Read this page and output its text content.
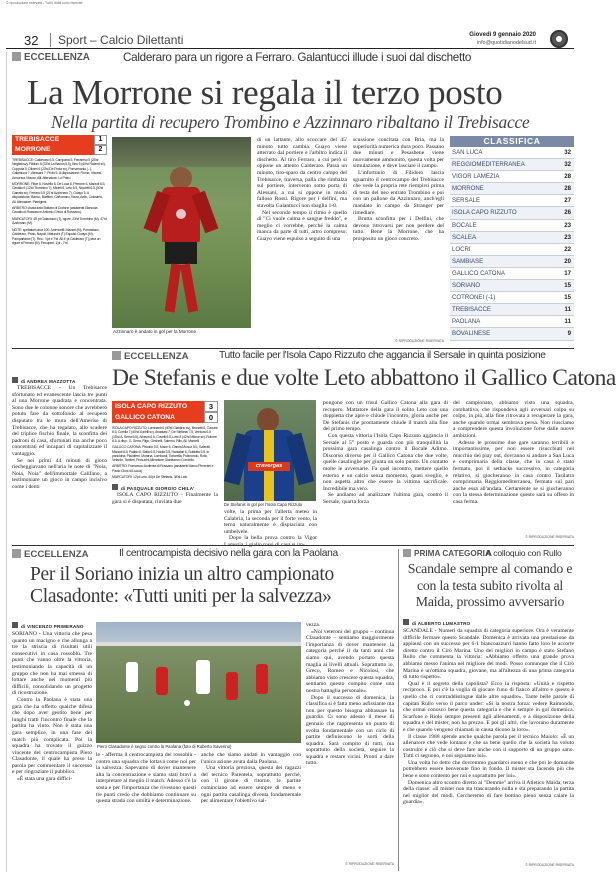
© riproduzione riservata - Tutti i diritti sono riservati
32 Sport – Calcio Dilettanti	Giovedì 9 gennaio 2020
info@quotidianodelsud.it
ECCELLENZA	Calderaro para un rigore a Ferraro. Galantucci illude i suoi dal dischetto
La Morrone si regala il terzo posto
Nella partita di recupero Trombino e Azzinnaro ribaltano il Trebisacce
TREBISACCE	1
MORRONE	2

TREBISACCE: Calderaro 6.5, Campana 5, Ferrareso 5 (26'st Negliati sv), Filidoro 6 (33'st La Banca 5.5), Brio 6 (40'st Roland sv), Coppola 5, Olivieri 6 (23'st De Poda sv), Pomamanio (...), Galantucci 7, Alessani 7, Proto 5. A disposizione: Rome, Viscesi, Annunsa, Mauro, Alli. Allenatore: Lo Potro.

MORRONE: Filice 6, Novello 6, De Luca 6, Perrone 6, Marzoli 6.5, Cavallo 6 (12'st Trombino 7), Micieli 6, Leto 6.5, Nicoletti 6.5 (30'st Garrafa sv), Ferraro 5.5 (21'st Azzinnaro 7), Guayo 5. A disposizione: Banco, Barbieri, Carbonaro, Vizza, Aello, Colosimo, Ali. Allenatore: Pianiginni.

ARBITRO: Assicurato Bottaro di Crotone (assistenti Giancola Cavallo di Rossano e Antonio Greco di Rossano).

MARCATORI: 45' pt Galantucci (T), rigore, 23'st Trombino (M), 47'st Azzinnaro (M).

NOTE: spettatori circa 100. Ammoniti: Mazzei (M), Pomastaro, Calderaro, Proto, Napoli, Malucchi (T) Espulsi: Guayo (M), Pamparlame (T). Rec.: 1'pt e 7'st. All 4' pt Calderaro (T) para un rigore a Ferraro (M). Recuperi: 1'pt - 7'st

di ANDREA MAZZOTTA

TREBISACCE - Un Trebisacce sfortunato ed evanescente lascia tre punti al una Morrone quadrata e concentrata. Sono due le colonne sonore che avrebbero potuto fare da sottofondo al recupero disputato tra le mura dell'Amerise di Trebisacce, che ha regalato, allo scadere del triplice fischio finale, la sconfitta dei padroni di casa, sfortunati ma anche poco concentrati ed incapaci di capitalizzare il vantaggio.

Se nei primi 44 minuti di gioco riecheggiavano nell'aria le note di "Noia, Noia, Noia" dell'immortale Califano, a testimoniare un gioco in campo incisivo come i denti

Azzinnaro è andato in gol per la Morrone

di un lattante, allo scoccare del 45' minuto tutto cambia. Guayo viene atterrato dal portiere e l'arbitro indica il dischetto. Al tiro Ferraro, a cui però si oppone un attento Calderaro. Passa un minuto, tiro-sparo da centro campo del Trebisacce, traversa, palla che rimbalza sul portiere, intervento sotto porta di Alessani, a cui si oppone in modo falloso Rossi. Rigore per i delfini, ma stavolta Galantucci non sbaglia 1-0.

Nel secondo tempo il ritmo è quello di "Ci vuole calma e sangue freddo", e meglio ci vorrebbe, perché la calma manca da parte di tutti, artro compreso: Guayo viene espulso a seguito di una

scussione concitata con Bria, ma la superiorità numerica dura poco. Passano due minuti e Pesasbene viene nuovamente ammonito, questa volta per simulazione, e deve lasciare il campo.

L'infortunio di Filidoro lascia sguarnito il centrocampo del Trebisacce che vede la propria rete riempirsi prima di testa del neo entrato Trombino e poi con un pallone da Azzinnaro, anch'egli mandato in campo da Stranger per rimediare.

Brutta sconfitta per i Delfini, che devono ritrovarsi per non perdere del tutto. Bene la Morrone, che ha prosposito un gioco concreto.

© RIPRODUZIONE RISERVATA
CLASSIFICA
SAN LUCA	32
REGGIOMEDITERRANEA	32
VIGOR LAMEZIA	28
MORRONE	28
SERSALE	27
ISOLA CAPO RIZZUTO	26
BOCALE	23
SCALEA	23
LOCRI	22
SAMBIASE	20
GALLICO CATONA	17
SORIANO	15
COTRONEI (-1)	15
TREBISACCE	11
PAOLANA	11
BOVALINESE	9
ECCELLENZA	Tutto facile per l'Isola Capo Rizzuto che aggancia il Sersale in quinta posizione
De Stefanis e due volte Leto abbattono il Gallico Catona
ISOLA CAPO RIZZUTO	3
GALLICO CATONA	0

ISOLA CAPO RIZZUTO: Lambardi 6 (40'st Giardino sv), Brunetti 6, Cavone 6.5, Corrillo 7 (40'st Zonelli sv), Anastasi 7, De Stefanis 7.5, Ventura 6.5 (15'st A. Serra 6.5), Arbeza 6.5, Coveili 6.5, Leto 8 (42'st Milone sv), Robore 6.5. A disp.: G. Serra, Rigo, Gesbelli, Salerno, Fillo, Ali. Marcelli

GALLICO CATONA: Piroddo 5.5, Mace 6, Garcia Munoz 5.5, Galeotti, Marzoli 6.5, Potiiso 6, Balla 6.5, Hodia 5.5, Haniafari 6, Sottlotta 5.5. In panchina: Pizzaferri, Morana, Lombardi, Tortorella, Polimondo, Rota, Velardo, Tamieri, Prosucini Allenatore Gianfranco Condello.

ARBITRO: Francesco Aurilenta di Rossano (assistenti Marco Pimentel e Paolo Cinni di Lucca).

MARCATORI: 12'pt Leto, 40'pt De Stefanis, 38'st Leto

di PASQUALE GIORGIO CHILA'

ISOLA CAPO RIZZUTO - Finalmente la gara si è disputata, rinviata due

cravergas
De Stefanis in gol per l'Isola Capo Rizzuto

volte, la prima per l'allerta meteo in Calabria, la seconda per il forte vento, la terna naturalmente è dispiaciuta con umbelvele.

Dopo la bella prova contro la Vigor

pongono con un trisul Gallico Catona alla gara di recupero. Mattatore della gara il solito Leto con una doppietta che apre e chiude l'incontro, gloria anche per De Stefanis che prontamente chiude il match alla fine del primo tempo.

Con questa vittoria l'Isola Capo Rizzuto aggancia il Sersale al 5° posto e guarda con più tranquillità la prossima gara casalinga contro il Bocale Adimo. Discorso diverso per il Gallico Catona che due volte, quelle casalinghe per giunta un solo punto. Un contatto molte le avversarie. Fa quel incontro, mettere quello esterno e un calcio senza momento, quasi sveglio, e non aspetta altro che essere la vittima sacrificale. Incredibile ma vero.

Se andiamo ad analizzare l'ultima gara, contro il Sersale, quarta forza

del campionato, abbiamo visto una squadra, combattiva, che rispondeva agli avversari colpo su colpo, in più, alla fine ritrovata a recuperare la gara, anche quando ormai sembrava persa. Non riusciamo a comprendere questa involuzione forse dalle nuove ambizioni.

Adesso le prossime due gare saranno terribili e importantissime, per non essere risucchiati nel mucchio dei play out, dovranno si andare a San Luca e comprimaria della classe, che in casa è stato fermato, poi il setbacks successivo, in categoria relativo, si giocheranno in casa contro Tasilatra comprimaria Reggiomediterranea, fermata sul pari anche essa all'andata. Certamente se si giocheranno con la stessa determinazione questo sarà su offeso in casa ferma.

© RIPRODUZIONE RISERVATA
ECCELLENZA	Il centrocampista decisivo nella gara con la Paolana
Per il Soriano inizia un altro campionato
Clasadonte: «Tutti uniti per la salvezza»
di VINCENZO PRIMERANO

SORIANO - Una vittoria che pesa quanto un macigno e che allunga a tre la striscia di risultati utili consecutivi in casa rossoblù. Tre punti che vanno oltre la vittoria, testimoniando la capacità di un gruppo che non ha mai smesso di lottare anche nei momenti più difficili, consolidando un progetto di ricostruzione.

Contro la Paolana è stata una gara che ha offerto qualche difesa che dopo aver gestito bene per lunghi tratti l'incontro finale che la partita ha vinto. Non è stata una gara semplice, in una fase del match più complicata. Poi la squadra ha trovato il guizzo vincente del centrocampista Piero Clasadonte, il quale ha preso la parola per commentare il successo e per ringraziare il pubblico.

«È stata una gara diffici-

Piero Clasadonte è segno contro la Paolana (foto di Roberto Saverino)

le - afferma il centrocampista dei rossoblù - contro una squadra che lottava come noi per la salvezza. Sapevamo di dover mantenere alta la concentrazione e siamo stati bravi a interpretare al meglio il match. Adesso c'è la sosta e per l'importanza che rivestono questi tre punti credo che dobbiamo continuare su questa strada con umiltà e determinazione.

anche che siamo andati in vantaggio con l'unica azione avuta dalla Paolana.

Una vittoria preziosa, questa dei ragazzi del tecnico Parentela, soprattutto perché, con il girone di ritorno, le partite cominciano ad essere sempre di meno e ogni partita casalinga diventa fondamentale per alimentare l'obiettivo sal-

vezza.

«Noi veteroni del gruppo – continua Clasadonte – sentiamo maggiormente l'importanza di dover mantenere la categoria perché il da tanti anni che siamo qui, avendo portato questa maglia ai livelli attuali. Soprattutto io, Greco, Romeo e Nicolosi, che abbiamo visto crescere questa squadra, sentiamo questo compito come una nostra battaglia personale».

Dopo il successo di domenica, la classifica si è fatta meno asfissiante ma non per questo bisogna abbassare la guardia. Ci sono adesso il mese di gennaio che rappresenta un punto di svolta fondamentale con un ciclo di partite definiscono le sorti della squadra. Sarà compito di tutti, ma soprattutto della società, seguire la squadra e restare vicini. Pronti a dare tutto.

© RIPRODUZIONE RISERVATA
PRIMA CATEGORIA
A colloquio con Rullo
Scandale sempre al comando e con la testa subito rivolta al Maida, prossimo avversario
di ALBERTO LUMASTRO

SCANDALE - Numeri da squadra di categoria superiore. Ora è veramente difficile fermare questo Scandale. Domenica è arrivata una prestazione da applausi con un successo per 6-1 biancoazzurri hanno fatto loro le accorte diretto contro il Cirò Marina. Uno dei migliori in campo è stato Stefano Rullo che commenta la vittoria: «Abbiamo offerto una grande prova abbiamo messo l'anima nel migliore dei modi. Posso comunque che il Cirò Marina è un'ottima squadra, giovane, ma all'altezza di una prima categoria di tutto rispetto».

Qual è il segreto della capolista? Ecco la risposta: «Unità e rispetto reciproco. E poi c'è la voglia di giocare l'uno di fianco all'altro e questo è quello che ci contraddistingue dalle altre squadre». Tante belle parole di capitan Rullo verso il parco under: «Sì la nostra forza: vedere Raimondo, che ormai conosco bene questa categoria e che è sempre in gol domenica. Scarfone e Riolo sempre presenti agli allenamenti, e a disposizione della squadra e del mister, non ha prezzo. E poi gli altri, che lavorano duramente e che quando vengono chiamati in causa dicono la loro».

Il classe 1988 spende anche qualche parola per il tecnico Maiolo: «È un allenatore che vede lontano e che sa bene quello che la società ha voluto costruire e ciò che si deve fare anche con il supporto di un gruppo sano. Tutti ci seguono, e noi seguiamo lui».

Una volta ho detto che dovremmo guardarci meno e che poi le domande potrebbero essere benvenute fino in fondo. Il mister sta facendo più che bene e sono contento per noi e soprattutto per lui».

Domenica altro scontro diretto al "Demme" arriva il Atletico Maida, terza della classe: «Il mister non sta trascurando nulla e sta preparando la partita nel miglior dei modi. Cercheremo di fare bottino pieno senza calare la guardia».

© RIPRODUZIONE RISERVATA
